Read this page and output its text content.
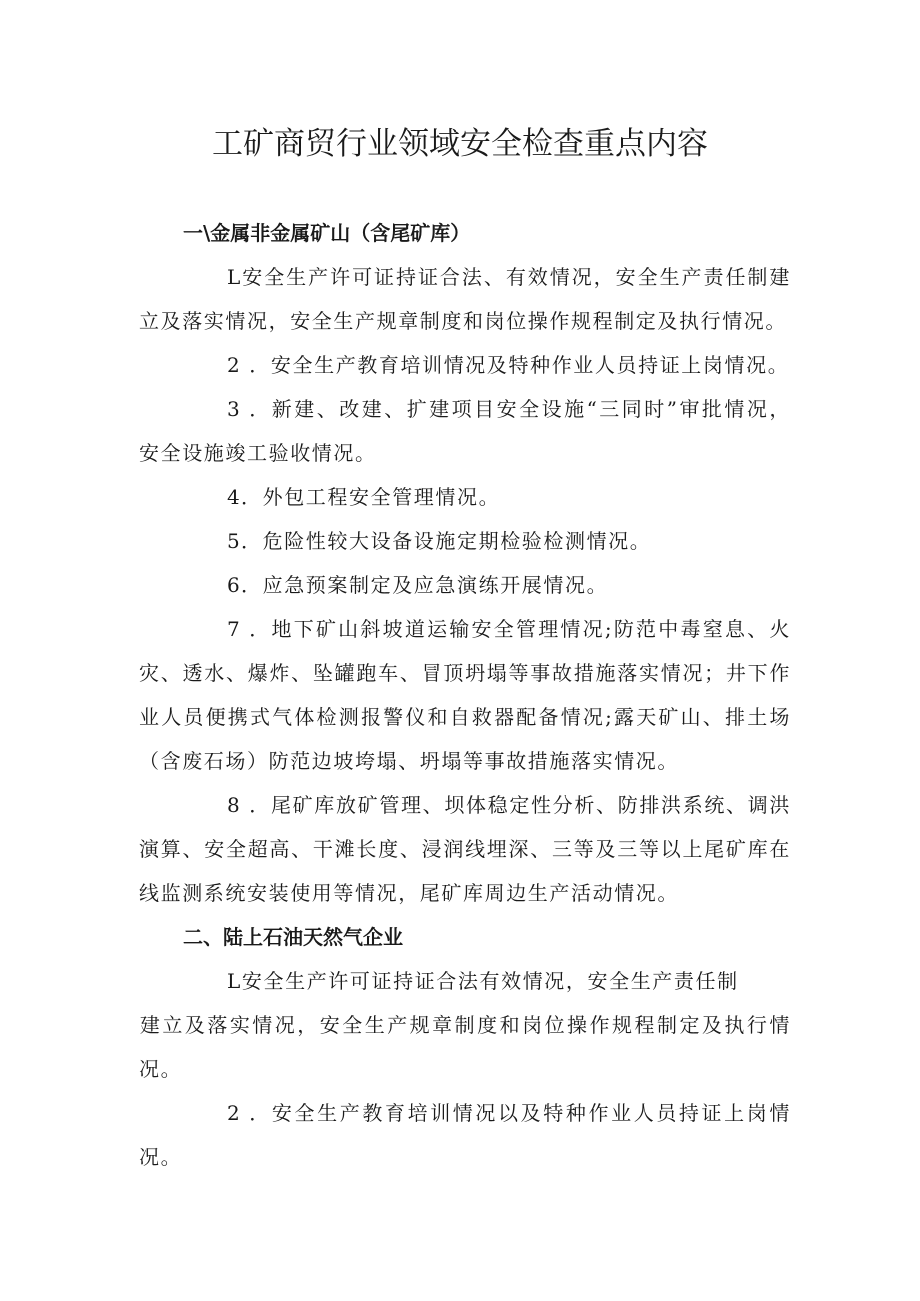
工矿商贸行业领域安全检查重点内容

一\金属非金属矿山（含尾矿库）

L安全生产许可证持证合法、有效情况，安全生产责任制建立及落实情况，安全生产规章制度和岗位操作规程制定及执行情况。

2 ．安全生产教育培训情况及特种作业人员持证上岗情况。

3 ．新建、改建、扩建项目安全设施“三同时”审批情况，安全设施竣工验收情况。

4．外包工程安全管理情况。

5．危险性较大设备设施定期检验检测情况。

6．应急预案制定及应急演练开展情况。

7 ．地下矿山斜坡道运输安全管理情况;防范中毒窒息、火灾、透水、爆炸、坠罐跑车、冒顶坍塌等事故措施落实情况；井下作业人员便携式气体检测报警仪和自救器配备情况;露天矿山、排土场（含废石场）防范边坡垮塌、坍塌等事故措施落实情况。

8 ．尾矿库放矿管理、坝体稳定性分析、防排洪系统、调洪演算、安全超高、干滩长度、浸润线埋深、三等及三等以上尾矿库在线监测系统安装使用等情况，尾矿库周边生产活动情况。

二、陆上石油天然气企业

L安全生产许可证持证合法有效情况，安全生产责任制

建立及落实情况，安全生产规章制度和岗位操作规程制定及执行情况。

2 ．安全生产教育培训情况以及特种作业人员持证上岗情况。
